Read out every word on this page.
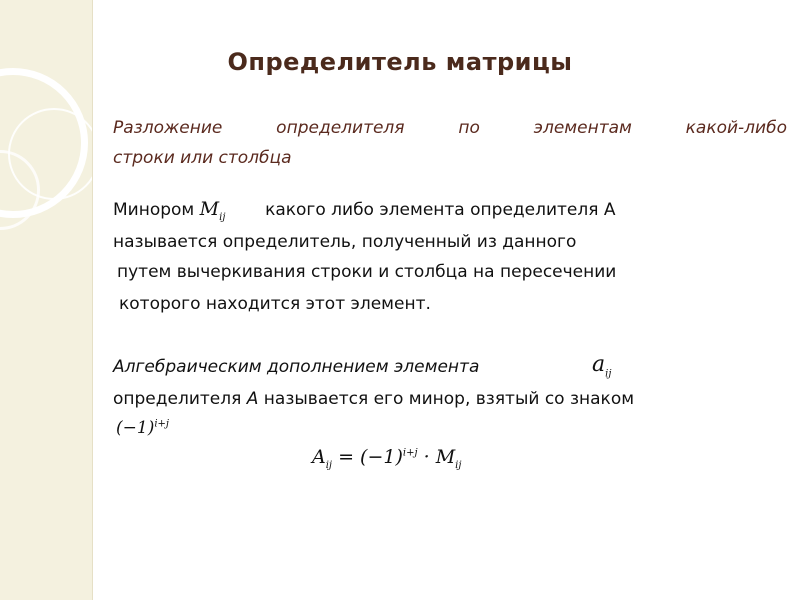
Определитель матрицы
Разложение	определителя	по	элементам	какой-либо
строки или столбца

Минором $M_{ij}$ какого либо элемента определителя A

называется определитель, полученный из данного

путем вычеркивания строки и столбца на пересечении

которого находится этот элемент.

Алгебраическим дополнением элемента	$a_{ij}$

определителя A называется его минор, взятый со знаком

$(-1)^{i+j}$
$A_{ij} = (-1)^{i+j} \cdot M_{ij}$
